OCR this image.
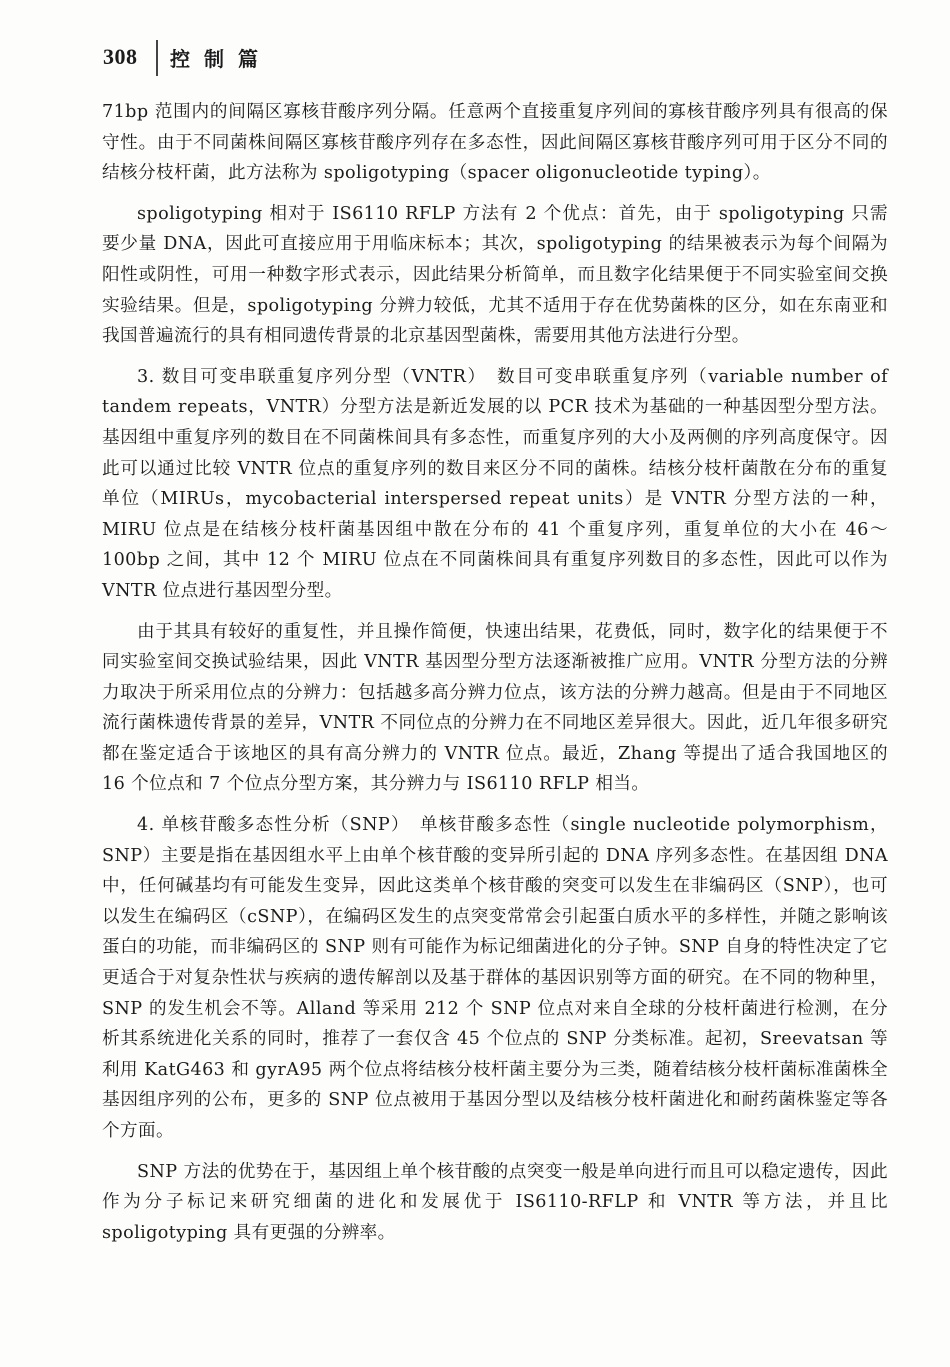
308 控制篇

71bp 范围内的间隔区寡核苷酸序列分隔。任意两个直接重复序列间的寡核苷酸序列具有很高的保守性。由于不同菌株间隔区寡核苷酸序列存在多态性，因此间隔区寡核苷酸序列可用于区分不同的结核分枝杆菌，此方法称为 spoligotyping（spacer oligonucleotide typing）。

spoligotyping 相对于 IS6110 RFLP 方法有 2 个优点：首先，由于 spoligotyping 只需要少量 DNA，因此可直接应用于用临床标本；其次，spoligotyping 的结果被表示为每个间隔为阳性或阴性，可用一种数字形式表示，因此结果分析简单，而且数字化结果便于不同实验室间交换实验结果。但是，spoligotyping 分辨力较低，尤其不适用于存在优势菌株的区分，如在东南亚和我国普遍流行的具有相同遗传背景的北京基因型菌株，需要用其他方法进行分型。

3. 数目可变串联重复序列分型（VNTR）　数目可变串联重复序列（variable number of tandem repeats，VNTR）分型方法是新近发展的以 PCR 技术为基础的一种基因型分型方法。基因组中重复序列的数目在不同菌株间具有多态性，而重复序列的大小及两侧的序列高度保守。因此可以通过比较 VNTR 位点的重复序列的数目来区分不同的菌株。结核分枝杆菌散在分布的重复单位（MIRUs，mycobacterial interspersed repeat units）是 VNTR 分型方法的一种，MIRU 位点是在结核分枝杆菌基因组中散在分布的 41 个重复序列，重复单位的大小在 46～100bp 之间，其中 12 个 MIRU 位点在不同菌株间具有重复序列数目的多态性，因此可以作为 VNTR 位点进行基因型分型。

由于其具有较好的重复性，并且操作简便，快速出结果，花费低，同时，数字化的结果便于不同实验室间交换试验结果，因此 VNTR 基因型分型方法逐渐被推广应用。VNTR 分型方法的分辨力取决于所采用位点的分辨力：包括越多高分辨力位点，该方法的分辨力越高。但是由于不同地区流行菌株遗传背景的差异，VNTR 不同位点的分辨力在不同地区差异很大。因此，近几年很多研究都在鉴定适合于该地区的具有高分辨力的 VNTR 位点。最近，Zhang 等提出了适合我国地区的 16 个位点和 7 个位点分型方案，其分辨力与 IS6110 RFLP 相当。

4. 单核苷酸多态性分析（SNP）　单核苷酸多态性（single nucleotide polymorphism，SNP）主要是指在基因组水平上由单个核苷酸的变异所引起的 DNA 序列多态性。在基因组 DNA 中，任何碱基均有可能发生变异，因此这类单个核苷酸的突变可以发生在非编码区（SNP），也可以发生在编码区（cSNP），在编码区发生的点突变常常会引起蛋白质水平的多样性，并随之影响该蛋白的功能，而非编码区的 SNP 则有可能作为标记细菌进化的分子钟。SNP 自身的特性决定了它更适合于对复杂性状与疾病的遗传解剖以及基于群体的基因识别等方面的研究。在不同的物种里，SNP 的发生机会不等。Alland 等采用 212 个 SNP 位点对来自全球的分枝杆菌进行检测，在分析其系统进化关系的同时，推荐了一套仅含 45 个位点的 SNP 分类标准。起初，Sreevatsan 等利用 KatG463 和 gyrA95 两个位点将结核分枝杆菌主要分为三类，随着结核分枝杆菌标准菌株全基因组序列的公布，更多的 SNP 位点被用于基因分型以及结核分枝杆菌进化和耐药菌株鉴定等各个方面。

SNP 方法的优势在于，基因组上单个核苷酸的点突变一般是单向进行而且可以稳定遗传，因此作为分子标记来研究细菌的进化和发展优于 IS6110-RFLP 和 VNTR 等方法，并且比 spoligotyping 具有更强的分辨率。
